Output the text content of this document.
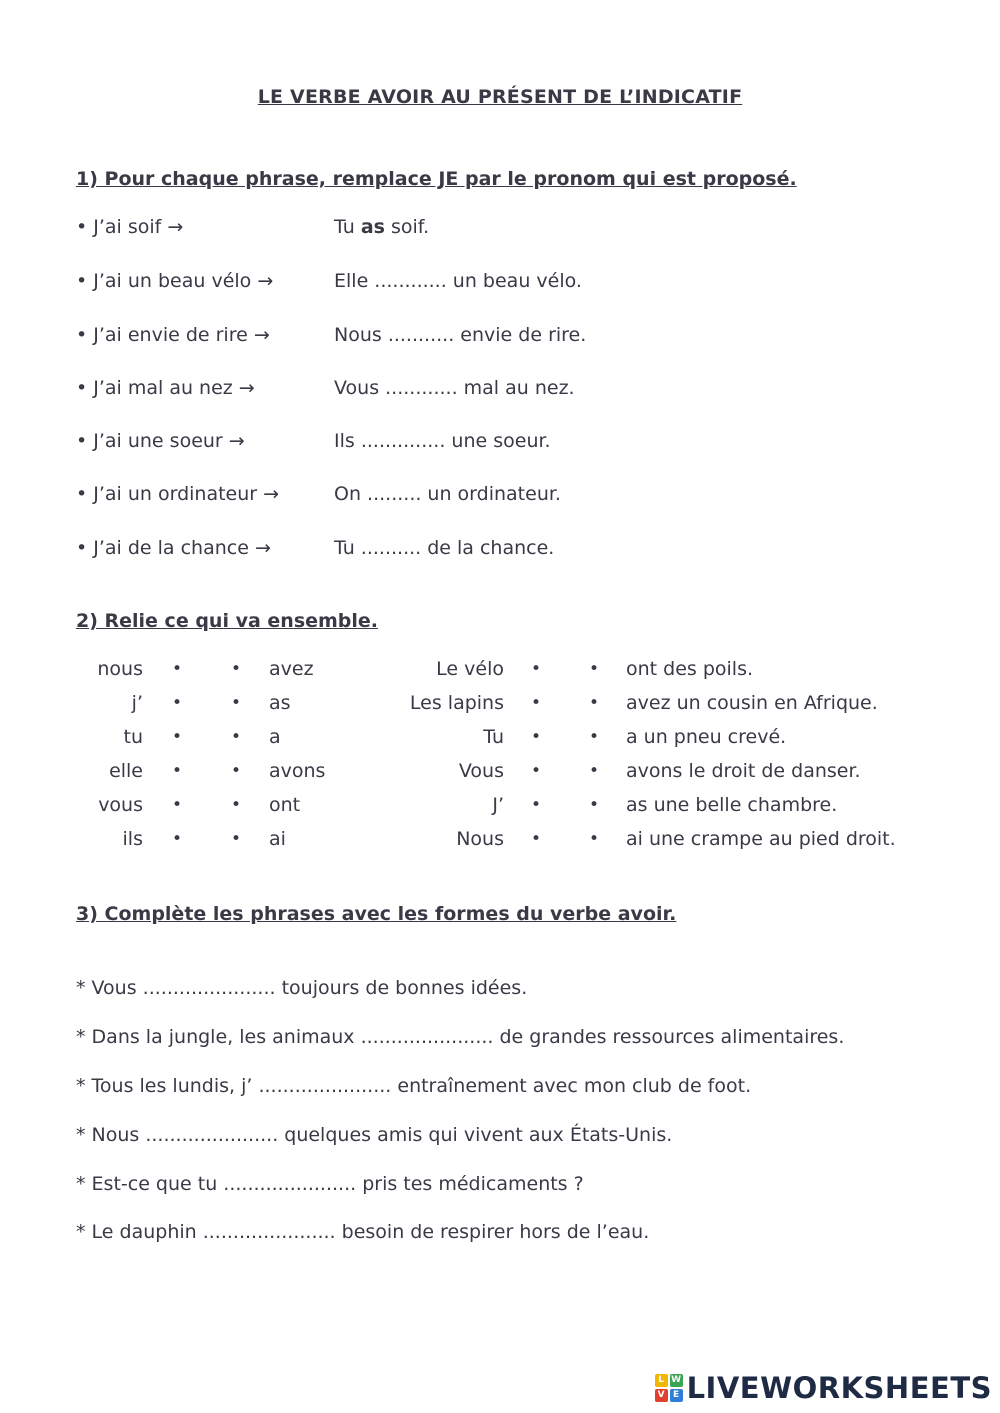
LE VERBE AVOIR AU PRÉSENT DE L’INDICATIF
1) Pour chaque phrase, remplace JE par le pronom qui est proposé.
• J’ai soif →	Tu as soif.
• J’ai un beau vélo →	Elle ............ un beau vélo.
• J’ai envie de rire →	Nous ........... envie de rire.
• J’ai mal au nez →	Vous ............ mal au nez.
• J’ai une soeur →	Ils .............. une soeur.
• J’ai un ordinateur →	On ......... un ordinateur.
• J’ai de la chance →	Tu .......... de la chance.
2) Relie ce qui va ensemble.
nous •	• avez	Le vélo •	• ont des poils.
j’ •	• as	Les lapins •	• avez un cousin en Afrique.
tu •	• a	Tu •	• a un pneu crevé.
elle •	• avons	Vous •	• avons le droit de danser.
vous •	• ont	J’ •	• as une belle chambre.
ils •	• ai	Nous •	• ai une crampe au pied droit.
3) Complète les phrases avec les formes du verbe avoir.
* Vous ...................... toujours de bonnes idées.
* Dans la jungle, les animaux ...................... de grandes ressources alimentaires.
* Tous les lundis, j’ ...................... entraînement avec mon club de foot.
* Nous ...................... quelques amis qui vivent aux États-Unis.
* Est-ce que tu ...................... pris tes médicaments ?
* Le dauphin ...................... besoin de respirer hors de l’eau.
L W
V E LIVEWORKSHEETS
